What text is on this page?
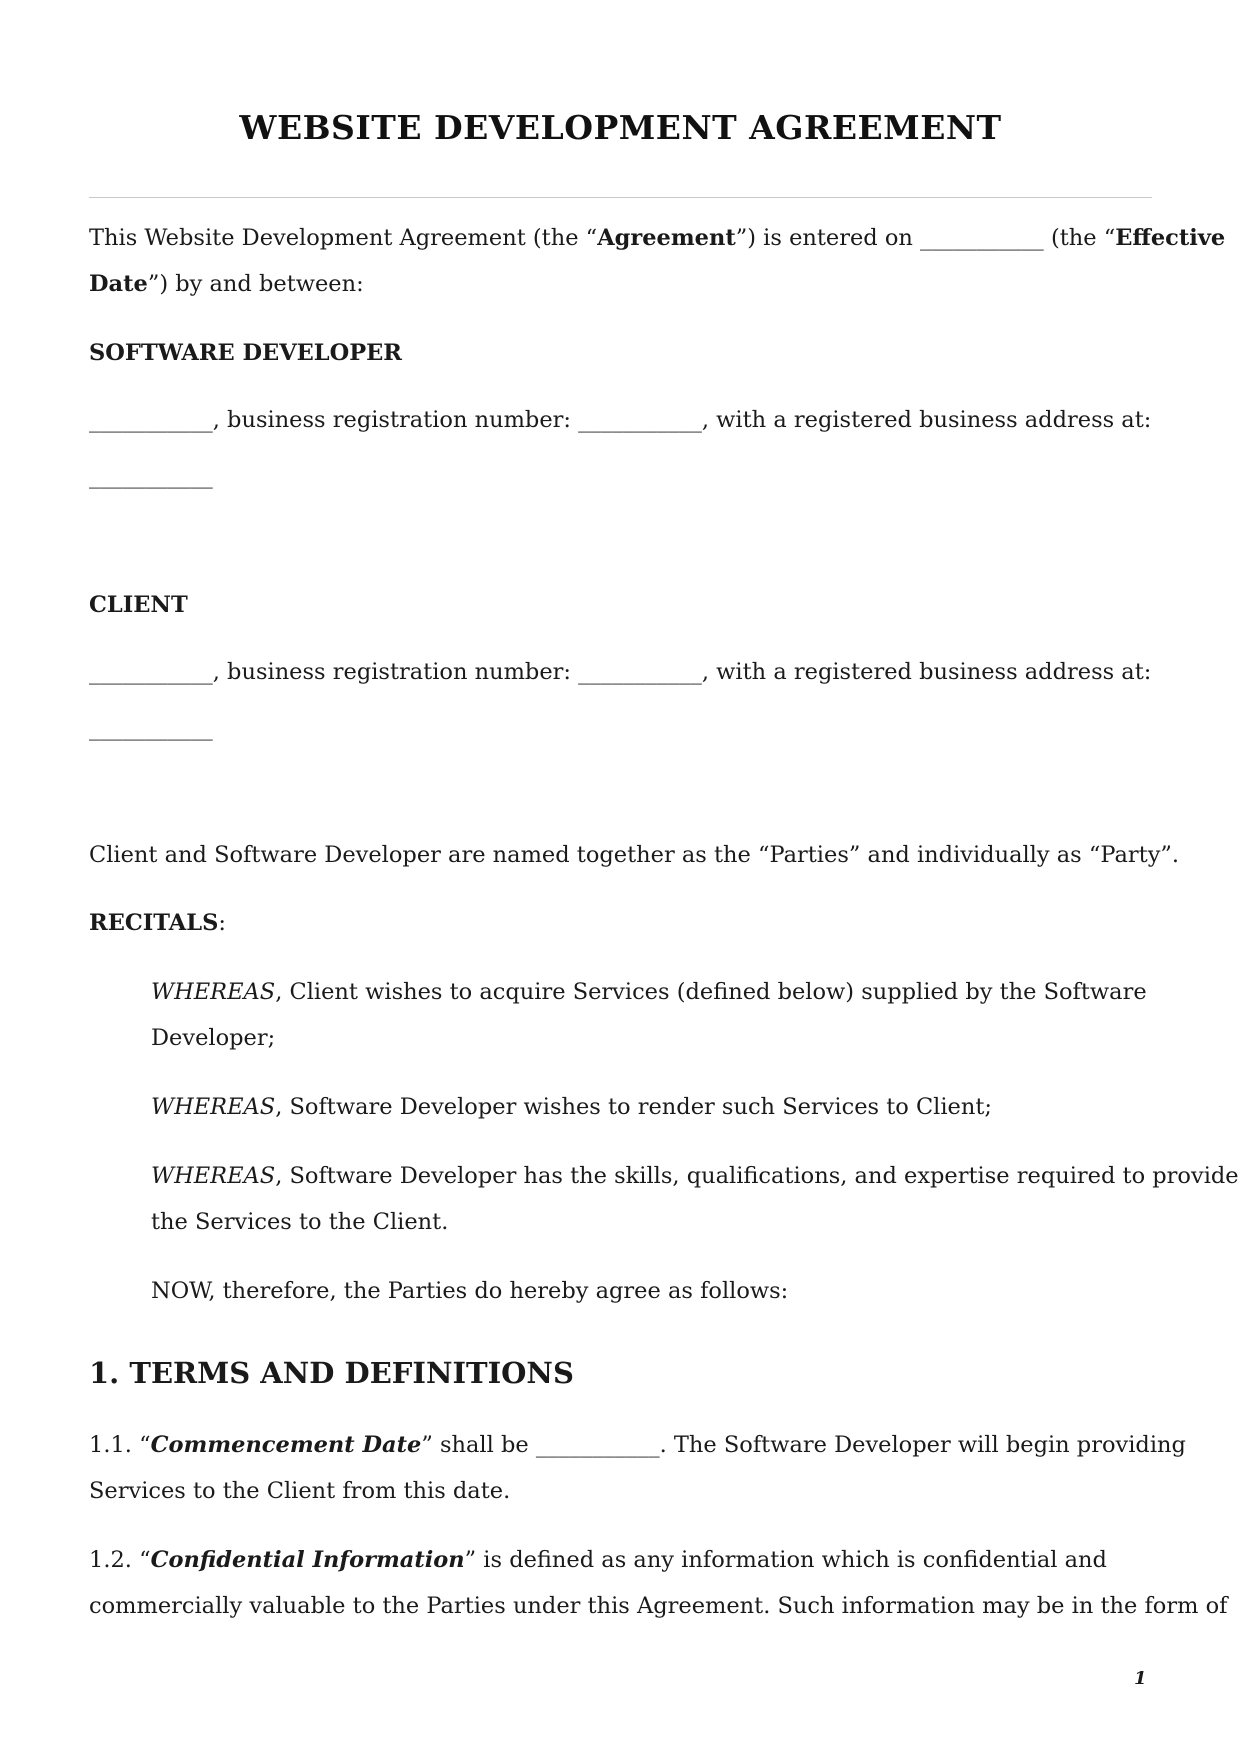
WEBSITE DEVELOPMENT AGREEMENT
This Website Development Agreement (the “Agreement”) is entered on ___________ (the “Effective
Date”) by and between:
SOFTWARE DEVELOPER
___________, business registration number: ___________, with a registered business address at:
___________
CLIENT
___________, business registration number: ___________, with a registered business address at:
___________
Client and Software Developer are named together as the “Parties” and individually as “Party”.
RECITALS:
WHEREAS, Client wishes to acquire Services (defined below) supplied by the Software
Developer;
WHEREAS, Software Developer wishes to render such Services to Client;
WHEREAS, Software Developer has the skills, qualifications, and expertise required to provide
the Services to the Client.
NOW, therefore, the Parties do hereby agree as follows:
1. TERMS AND DEFINITIONS
1.1. “Commencement Date” shall be ___________. The Software Developer will begin providing
Services to the Client from this date.
1.2. “Confidential Information” is defined as any information which is confidential and
commercially valuable to the Parties under this Agreement. Such information may be in the form of
1
